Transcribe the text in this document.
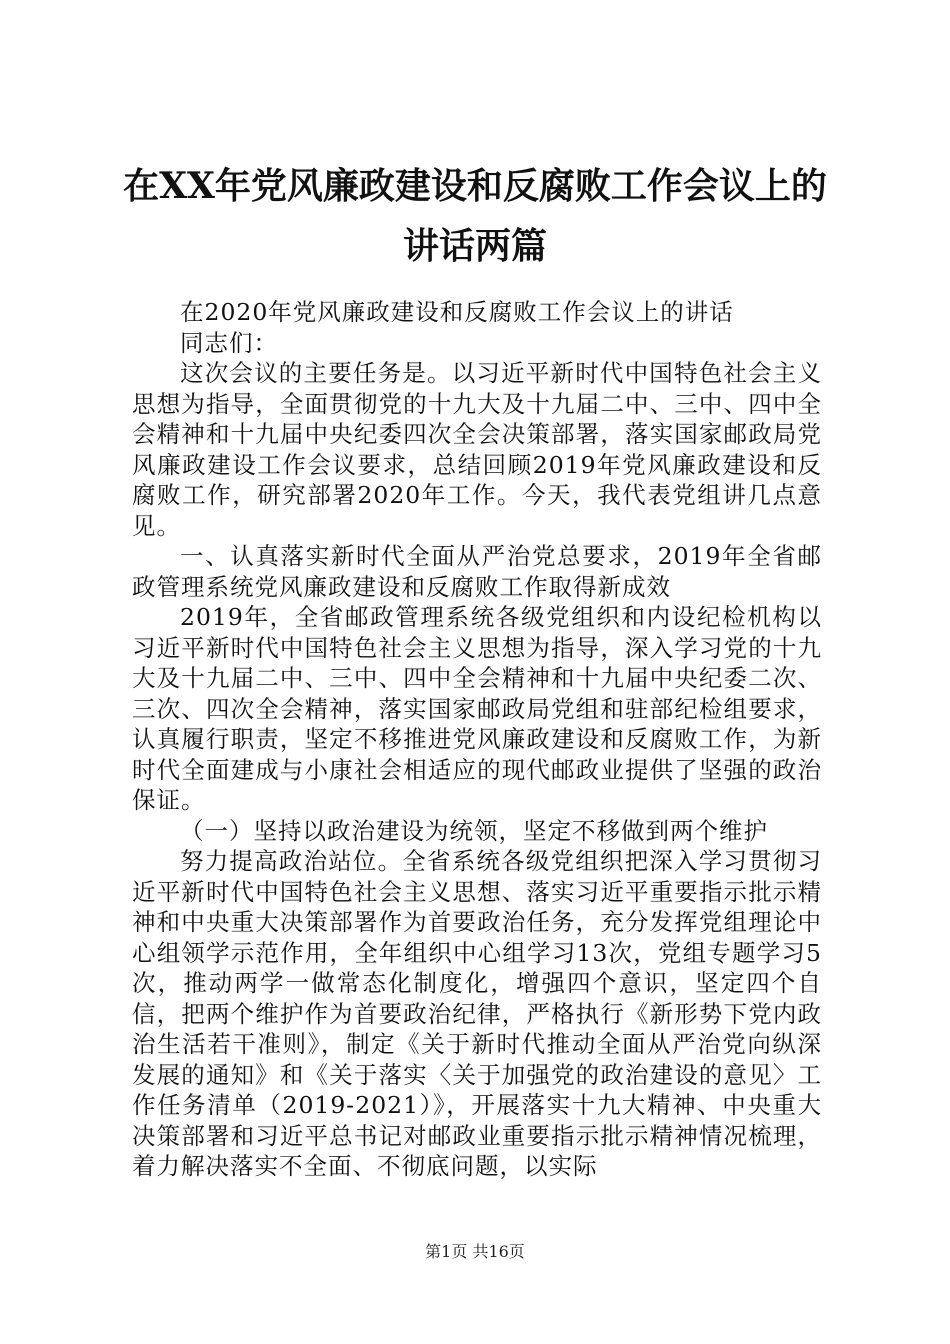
在XX年党风廉政建设和反腐败工作会议上的
讲话两篇

在2020年党风廉政建设和反腐败工作会议上的讲话

同志们：

这次会议的主要任务是。以习近平新时代中国特色社会主义思想为指导，全面贯彻党的十九大及十九届二中、三中、四中全会精神和十九届中央纪委四次全会决策部署，落实国家邮政局党风廉政建设工作会议要求，总结回顾2019年党风廉政建设和反腐败工作，研究部署2020年工作。今天，我代表党组讲几点意见。

一、认真落实新时代全面从严治党总要求，2019年全省邮政管理系统党风廉政建设和反腐败工作取得新成效

2019年，全省邮政管理系统各级党组织和内设纪检机构以习近平新时代中国特色社会主义思想为指导，深入学习党的十九大及十九届二中、三中、四中全会精神和十九届中央纪委二次、三次、四次全会精神，落实国家邮政局党组和驻部纪检组要求，认真履行职责，坚定不移推进党风廉政建设和反腐败工作，为新时代全面建成与小康社会相适应的现代邮政业提供了坚强的政治保证。

（一）坚持以政治建设为统领，坚定不移做到两个维护

努力提高政治站位。全省系统各级党组织把深入学习贯彻习近平新时代中国特色社会主义思想、落实习近平重要指示批示精神和中央重大决策部署作为首要政治任务，充分发挥党组理论中心组领学示范作用，全年组织中心组学习13次，党组专题学习5次，推动两学一做常态化制度化，增强四个意识，坚定四个自信，把两个维护作为首要政治纪律，严格执行《新形势下党内政治生活若干准则》，制定《关于新时代推动全面从严治党向纵深发展的通知》和《关于落实〈关于加强党的政治建设的意见〉工作任务清单（2019-2021）》，开展落实十九大精神、中央重大决策部署和习近平总书记对邮政业重要指示批示精神情况梳理，着力解决落实不全面、不彻底问题，以实际

第1页 共16页
